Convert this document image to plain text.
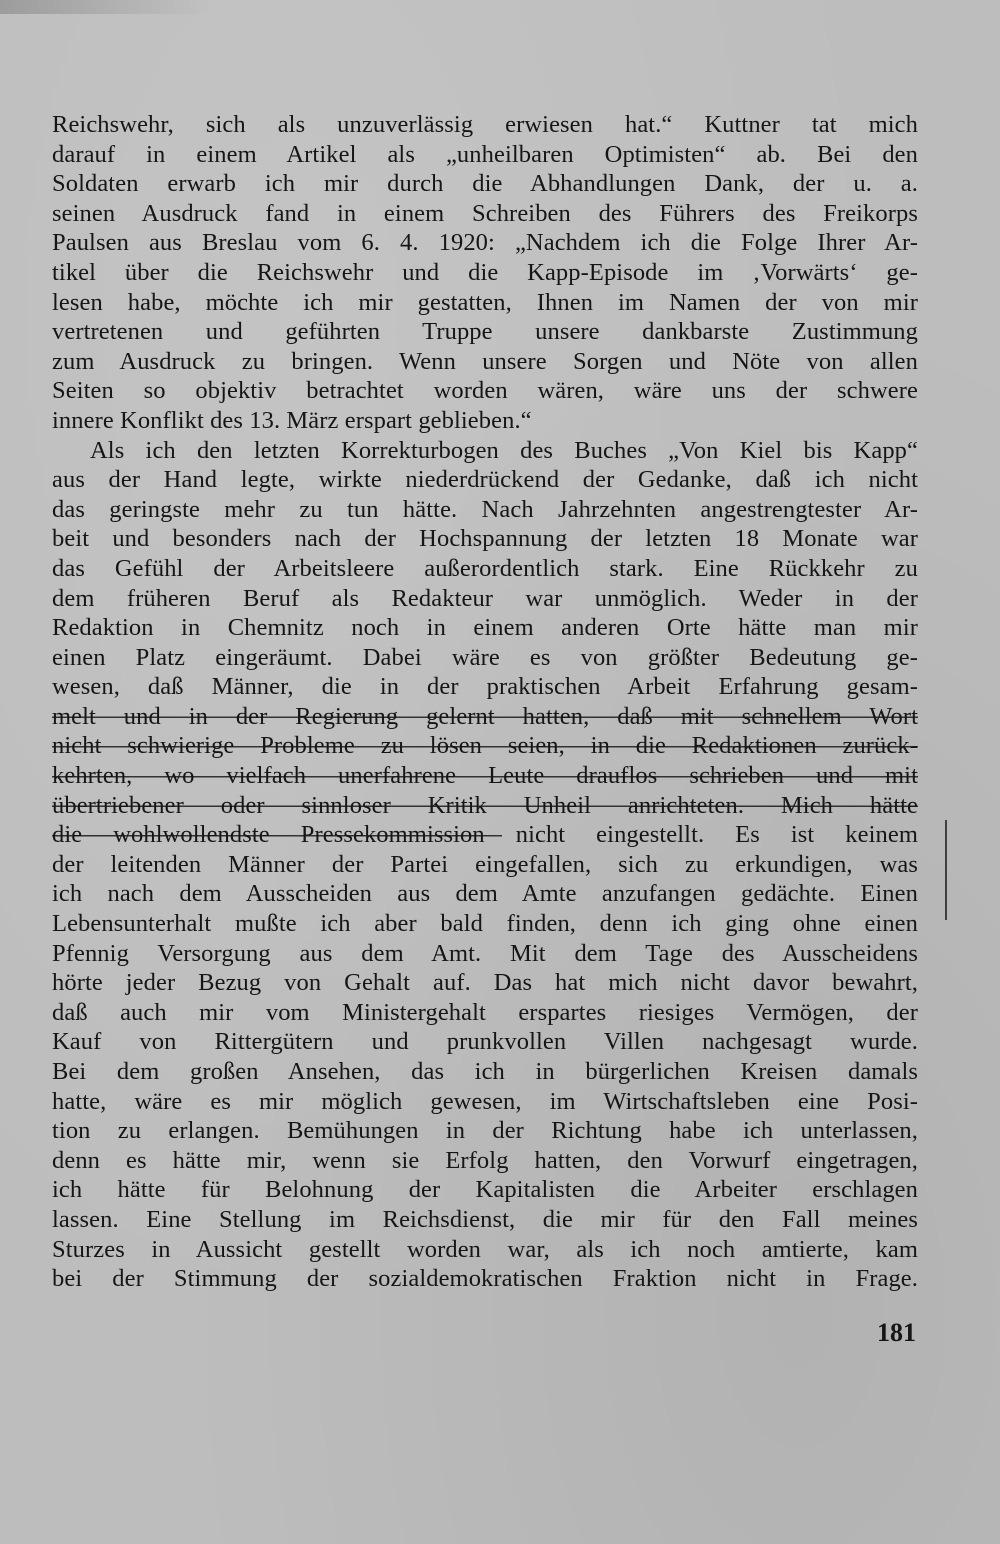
Reichswehr, sich als unzuverlässig erwiesen hat.“ Kuttner tat mich
darauf in einem Artikel als „unheilbaren Optimisten“ ab. Bei den
Soldaten erwarb ich mir durch die Abhandlungen Dank, der u. a.
seinen Ausdruck fand in einem Schreiben des Führers des Freikorps
Paulsen aus Breslau vom 6. 4. 1920: „Nachdem ich die Folge Ihrer Ar-
tikel über die Reichswehr und die Kapp-Episode im ‚Vorwärts‘ ge-
lesen habe, möchte ich mir gestatten, Ihnen im Namen der von mir
vertretenen und geführten Truppe unsere dankbarste Zustimmung
zum Ausdruck zu bringen. Wenn unsere Sorgen und Nöte von allen
Seiten so objektiv betrachtet worden wären, wäre uns der schwere
innere Konflikt des 13. März erspart geblieben.“
Als ich den letzten Korrekturbogen des Buches „Von Kiel bis Kapp“
aus der Hand legte, wirkte niederdrückend der Gedanke, daß ich nicht
das geringste mehr zu tun hätte. Nach Jahrzehnten angestrengtester Ar-
beit und besonders nach der Hochspannung der letzten 18 Monate war
das Gefühl der Arbeitsleere außerordentlich stark. Eine Rückkehr zu
dem früheren Beruf als Redakteur war unmöglich. Weder in der
Redaktion in Chemnitz noch in einem anderen Orte hätte man mir
einen Platz eingeräumt. Dabei wäre es von größter Bedeutung ge-
wesen, daß Männer, die in der praktischen Arbeit Erfahrung gesam-
melt und in der Regierung gelernt hatten, daß mit schnellem Wort
nicht schwierige Probleme zu lösen seien, in die Redaktionen zurück-
kehrten, wo vielfach unerfahrene Leute drauflos schrieben und mit
übertriebener oder sinnloser Kritik Unheil anrichteten. Mich hätte
die wohlwollendste Pressekommission nicht eingestellt. Es ist keinem
der leitenden Männer der Partei eingefallen, sich zu erkundigen, was
ich nach dem Ausscheiden aus dem Amte anzufangen gedächte. Einen
Lebensunterhalt mußte ich aber bald finden, denn ich ging ohne einen
Pfennig Versorgung aus dem Amt. Mit dem Tage des Ausscheidens
hörte jeder Bezug von Gehalt auf. Das hat mich nicht davor bewahrt,
daß auch mir vom Ministergehalt erspartes riesiges Vermögen, der
Kauf von Rittergütern und prunkvollen Villen nachgesagt wurde.
Bei dem großen Ansehen, das ich in bürgerlichen Kreisen damals
hatte, wäre es mir möglich gewesen, im Wirtschaftsleben eine Posi-
tion zu erlangen. Bemühungen in der Richtung habe ich unterlassen,
denn es hätte mir, wenn sie Erfolg hatten, den Vorwurf eingetragen,
ich hätte für Belohnung der Kapitalisten die Arbeiter erschlagen
lassen. Eine Stellung im Reichsdienst, die mir für den Fall meines
Sturzes in Aussicht gestellt worden war, als ich noch amtierte, kam
bei der Stimmung der sozialdemokratischen Fraktion nicht in Frage.
181
